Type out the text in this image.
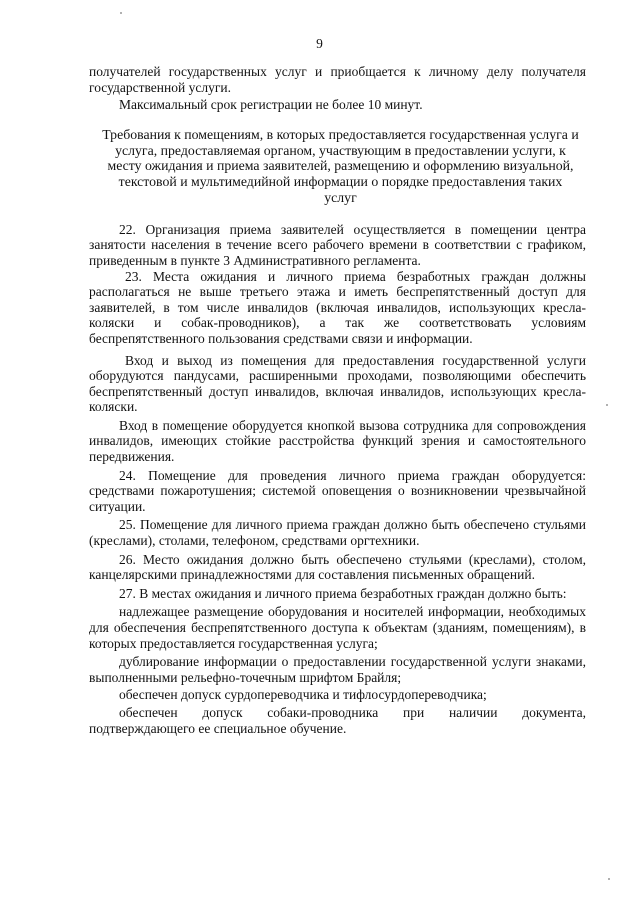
9

получателей государственных услуг и приобщается к личному делу получателя государственной услуги.

Максимальный срок регистрации не более 10 минут.

Требования к помещениям, в которых предоставляется государственная услуга и услуга, предоставляемая органом, участвующим в предоставлении услуги, к месту ожидания и приема заявителей, размещению и оформлению визуальной, текстовой и мультимедийной информации о порядке предоставления таких услуг

22. Организация приема заявителей осуществляется в помещении центра занятости населения в течение всего рабочего времени в соответствии с графиком, приведенным в пункте 3 Административного регламента.

23. Места ожидания и личного приема безработных граждан должны располагаться не выше третьего этажа и иметь беспрепятственный доступ для заявителей, в том числе инвалидов (включая инвалидов, использующих кресла-коляски и собак-проводников), а так же соответствовать условиям беспрепятственного пользования средствами связи и информации.

Вход и выход из помещения для предоставления государственной услуги оборудуются пандусами, расширенными проходами, позволяющими обеспечить беспрепятственный доступ инвалидов, включая инвалидов, использующих кресла-коляски.

Вход в помещение оборудуется кнопкой вызова сотрудника для сопровождения инвалидов, имеющих стойкие расстройства функций зрения и самостоятельного передвижения.

24. Помещение для проведения личного приема граждан оборудуется: средствами пожаротушения; системой оповещения о возникновении чрезвычайной ситуации.

25. Помещение для личного приема граждан должно быть обеспечено стульями (креслами), столами, телефоном, средствами оргтехники.

26. Место ожидания должно быть обеспечено стульями (креслами), столом, канцелярскими принадлежностями для составления письменных обращений.

27. В местах ожидания и личного приема безработных граждан должно быть:

надлежащее размещение оборудования и носителей информации, необходимых для обеспечения беспрепятственного доступа к объектам (зданиям, помещениям), в которых предоставляется государственная услуга;

дублирование информации о предоставлении государственной услуги знаками, выполненными рельефно-точечным шрифтом Брайля;

обеспечен допуск сурдопереводчика и тифлосурдопереводчика;

обеспечен допуск собаки-проводника при наличии документа, подтверждающего ее специальное обучение.
